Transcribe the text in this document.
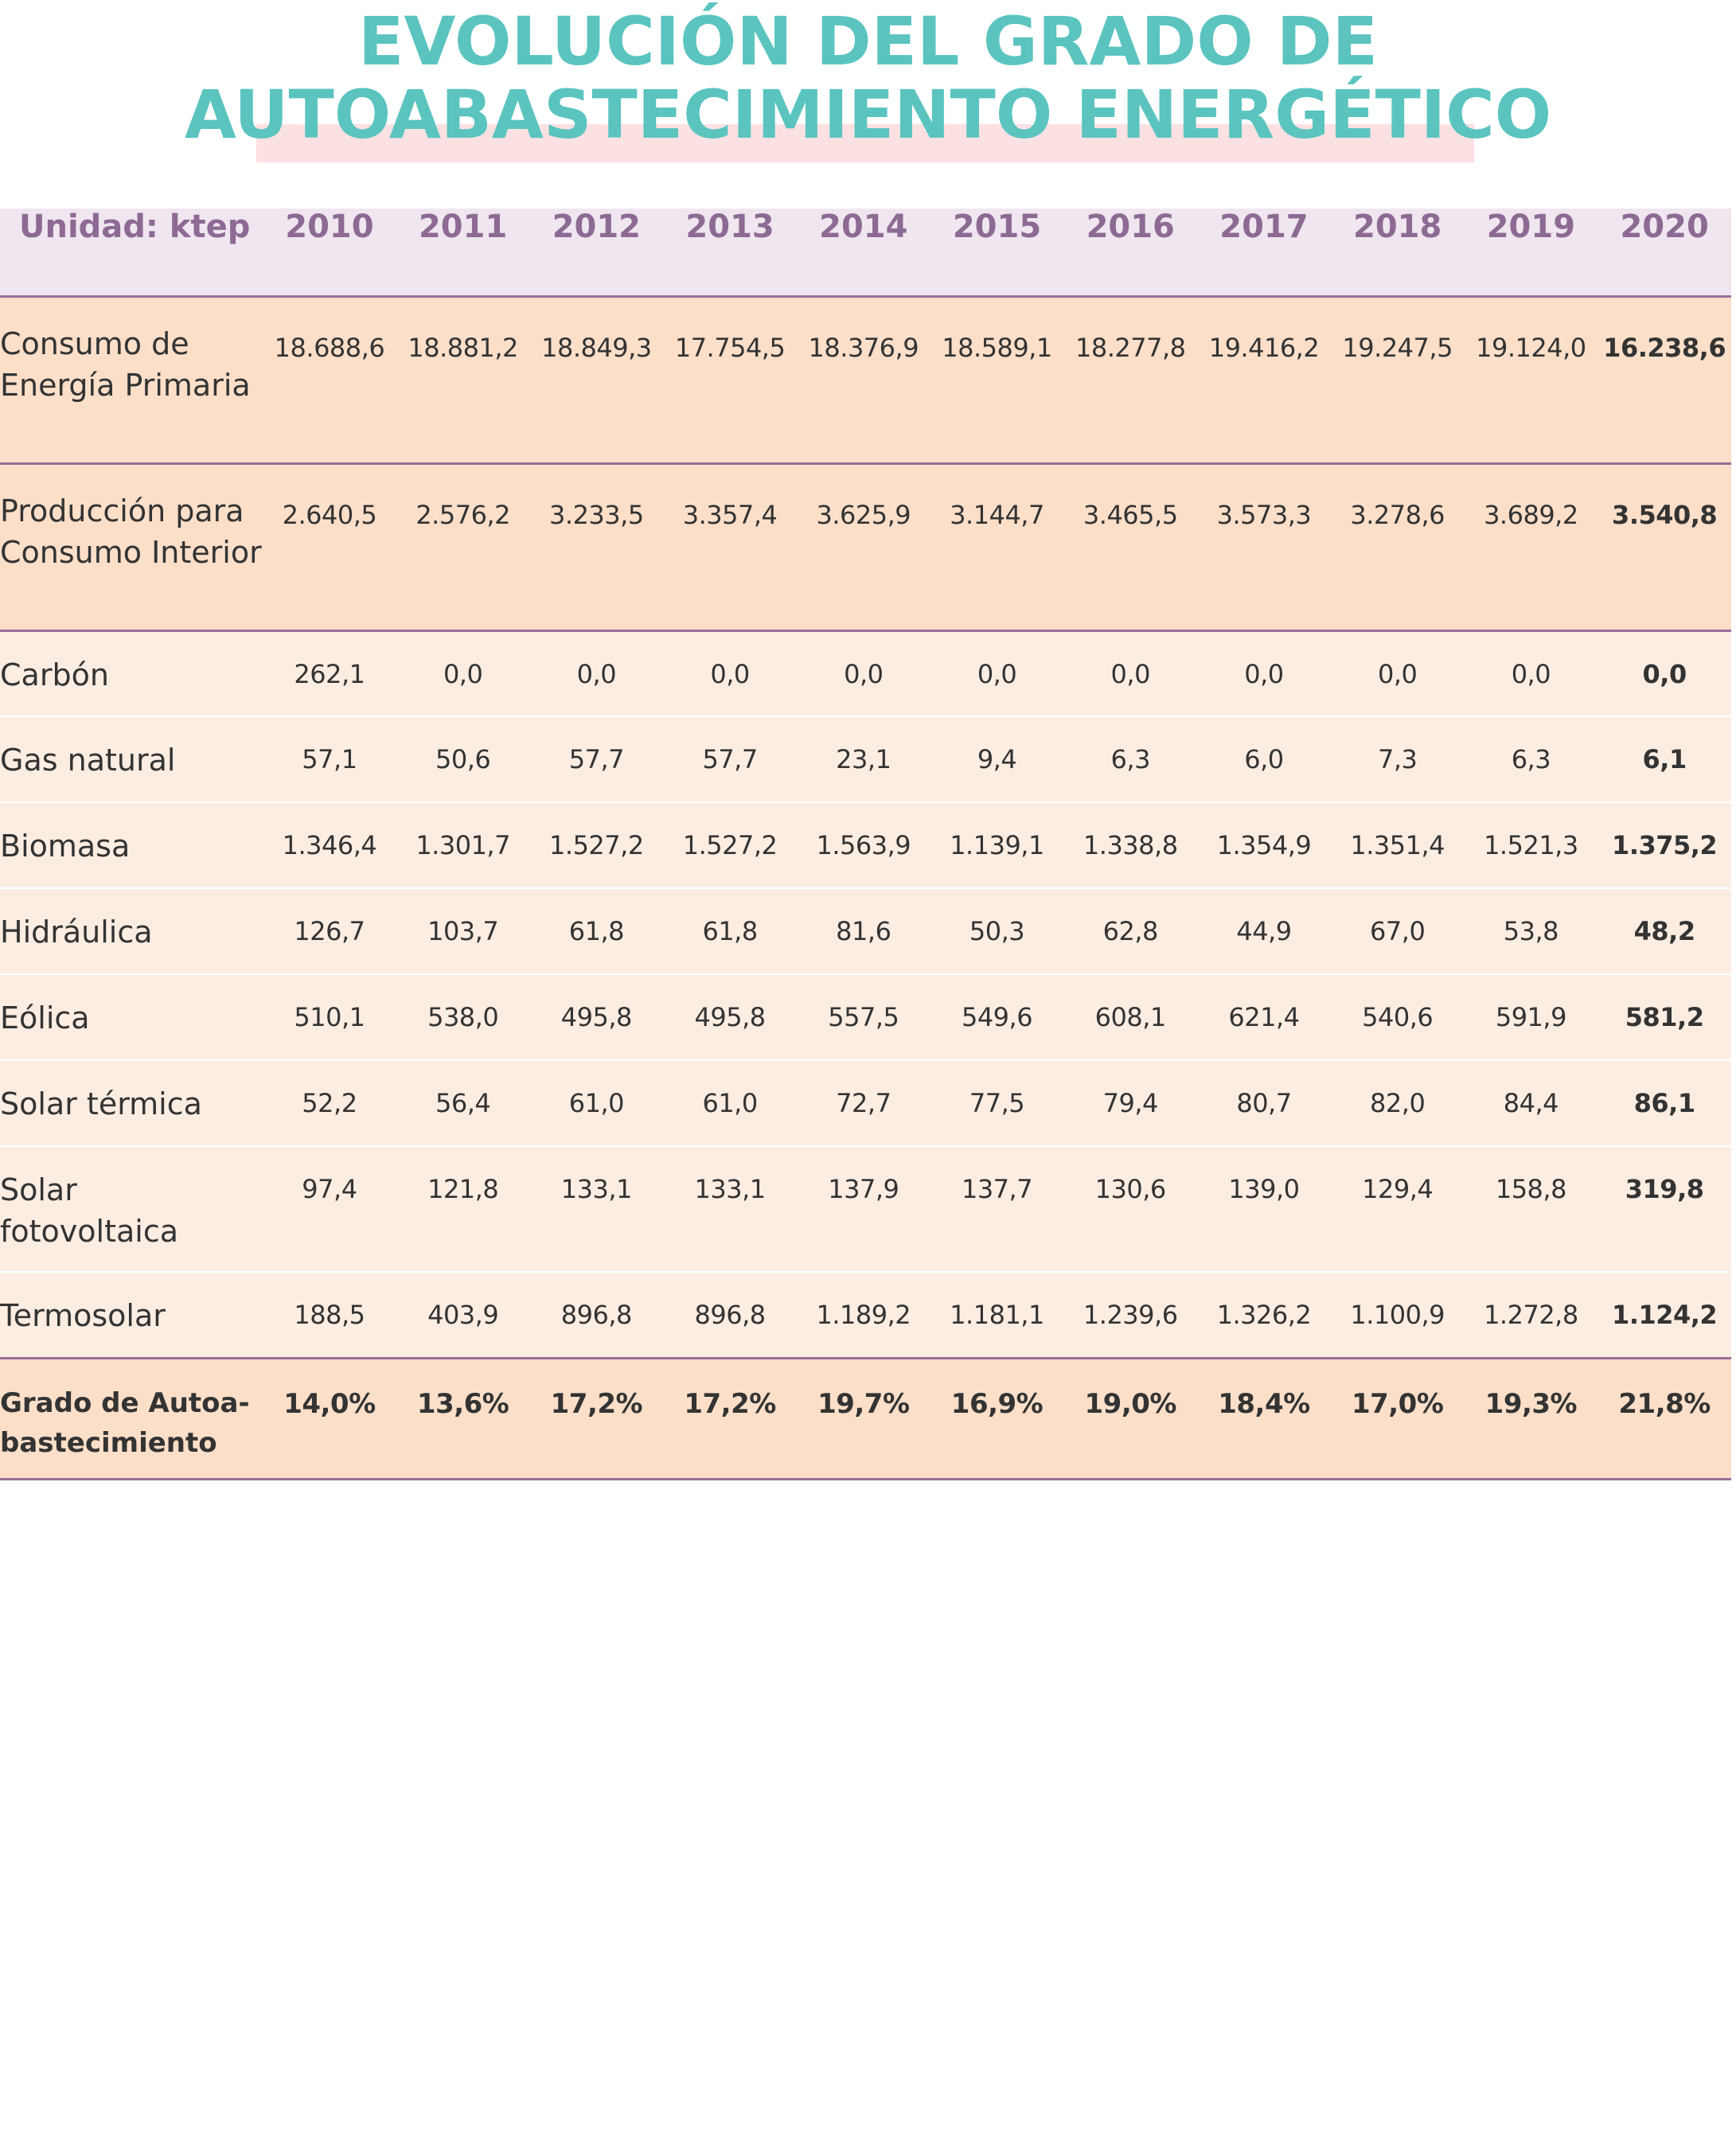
EVOLUCIÓN DEL GRADO DE
AUTOABASTECIMIENTO ENERGÉTICO
Unidad: ktep	2010	2011	2012	2013	2014	2015	2016	2017	2018	2019	2020
Consumo de Energía Primaria	18.688,6	18.881,2	18.849,3	17.754,5	18.376,9	18.589,1	18.277,8	19.416,2	19.247,5	19.124,0	16.238,6
Producción para Consumo Interior	2.640,5	2.576,2	3.233,5	3.357,4	3.625,9	3.144,7	3.465,5	3.573,3	3.278,6	3.689,2	3.540,8
Carbón	262,1	0,0	0,0	0,0	0,0	0,0	0,0	0,0	0,0	0,0	0,0
Gas natural	57,1	50,6	57,7	57,7	23,1	9,4	6,3	6,0	7,3	6,3	6,1
Biomasa	1.346,4	1.301,7	1.527,2	1.527,2	1.563,9	1.139,1	1.338,8	1.354,9	1.351,4	1.521,3	1.375,2
Hidráulica	126,7	103,7	61,8	61,8	81,6	50,3	62,8	44,9	67,0	53,8	48,2
Eólica	510,1	538,0	495,8	495,8	557,5	549,6	608,1	621,4	540,6	591,9	581,2
Solar térmica	52,2	56,4	61,0	61,0	72,7	77,5	79,4	80,7	82,0	84,4	86,1
Solar fotovoltaica	97,4	121,8	133,1	133,1	137,9	137,7	130,6	139,0	129,4	158,8	319,8
Termosolar	188,5	403,9	896,8	896,8	1.189,2	1.181,1	1.239,6	1.326,2	1.100,9	1.272,8	1.124,2
Grado de Autoa-bastecimiento	14,0%	13,6%	17,2%	17,2%	19,7%	16,9%	19,0%	18,4%	17,0%	19,3%	21,8%
